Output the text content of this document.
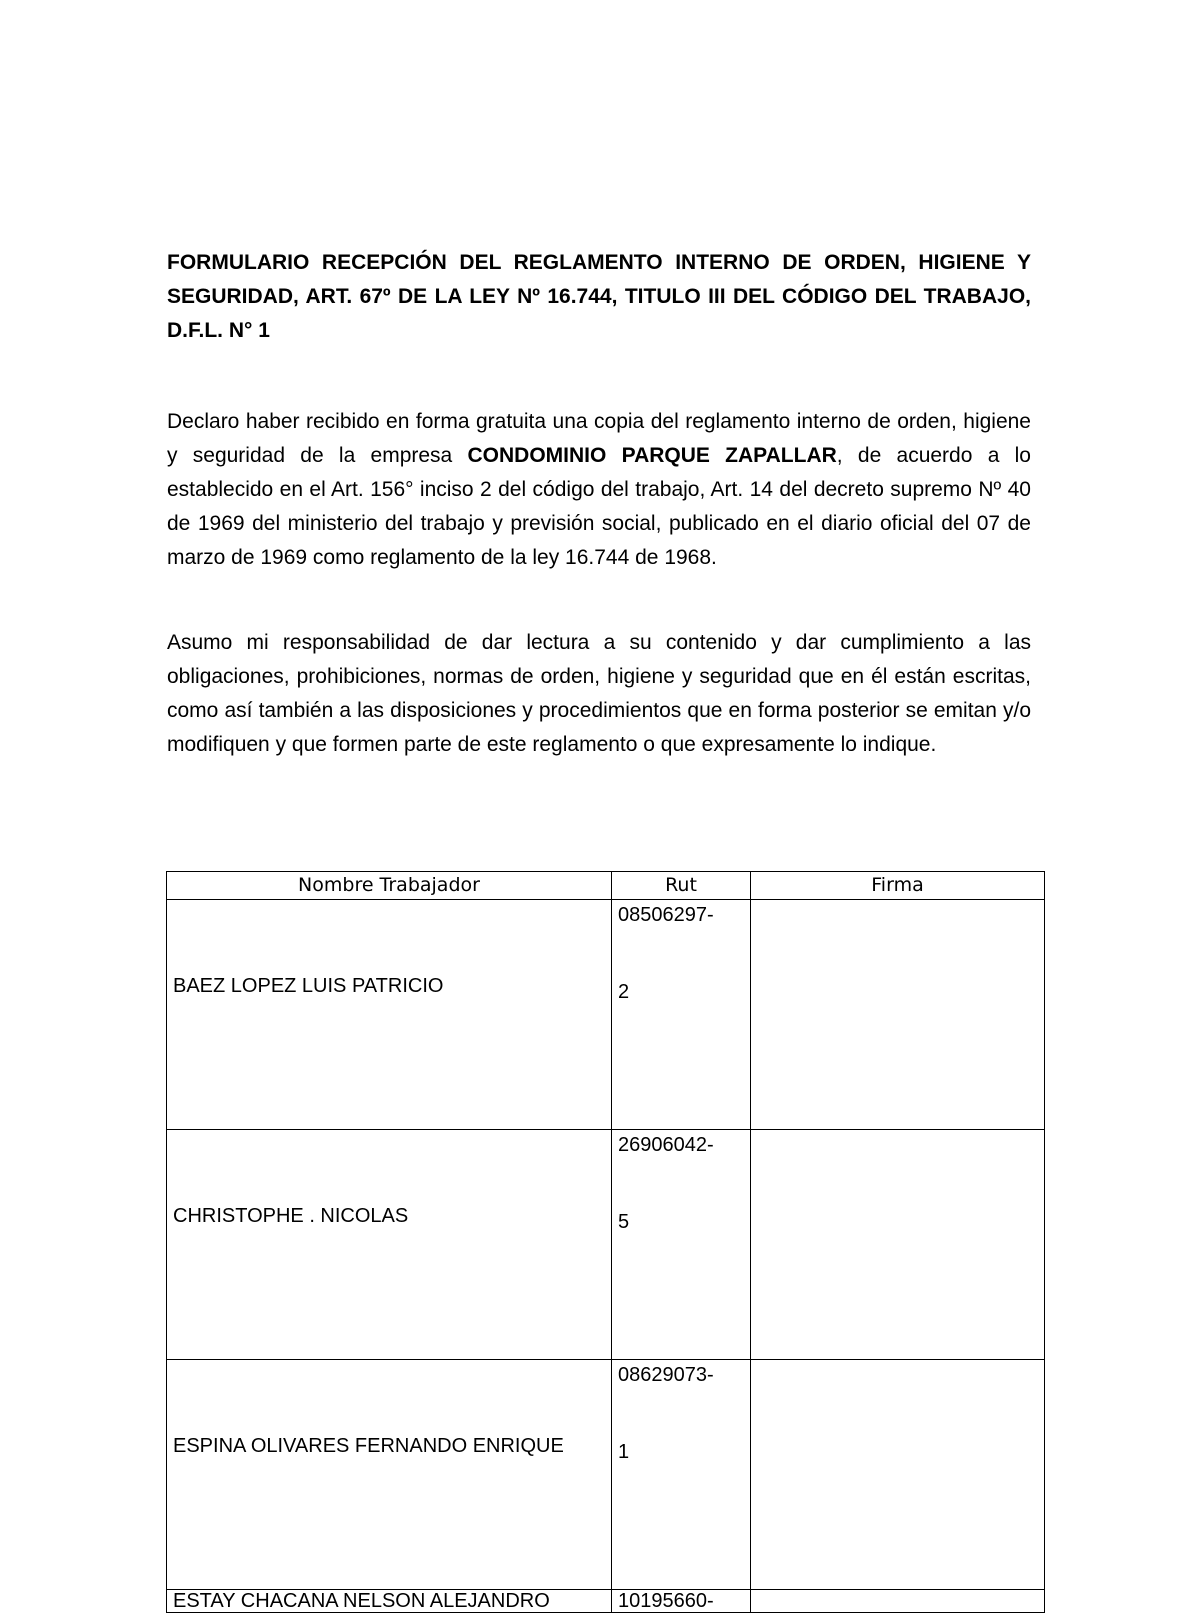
FORMULARIO RECEPCIÓN DEL REGLAMENTO INTERNO DE ORDEN, HIGIENE Y SEGURIDAD, ART. 67º DE LA LEY Nº 16.744, TITULO III DEL CÓDIGO DEL TRABAJO, D.F.L. N° 1

Declaro haber recibido en forma gratuita una copia del reglamento interno de orden, higiene y seguridad de la empresa CONDOMINIO PARQUE ZAPALLAR, de acuerdo a lo establecido en el Art. 156° inciso 2 del código del trabajo, Art. 14 del decreto supremo Nº 40 de 1969 del ministerio del trabajo y previsión social, publicado en el diario oficial del 07 de marzo de 1969 como reglamento de la ley 16.744 de 1968.

Asumo mi responsabilidad de dar lectura a su contenido y dar cumplimiento a las obligaciones, prohibiciones, normas de orden, higiene y seguridad que en él están escritas, como así también a las disposiciones y procedimientos que en forma posterior se emitan y/o modifiquen y que formen parte de este reglamento o que expresamente lo indique.

Nombre Trabajador	Rut	Firma
BAEZ LOPEZ LUIS PATRICIO	08506297-
2	

CHRISTOPHE . NICOLAS	26906042-
5	

ESPINA OLIVARES FERNANDO ENRIQUE	08629073-
1	

ESTAY CHACANA NELSON ALEJANDRO	10195660-	
